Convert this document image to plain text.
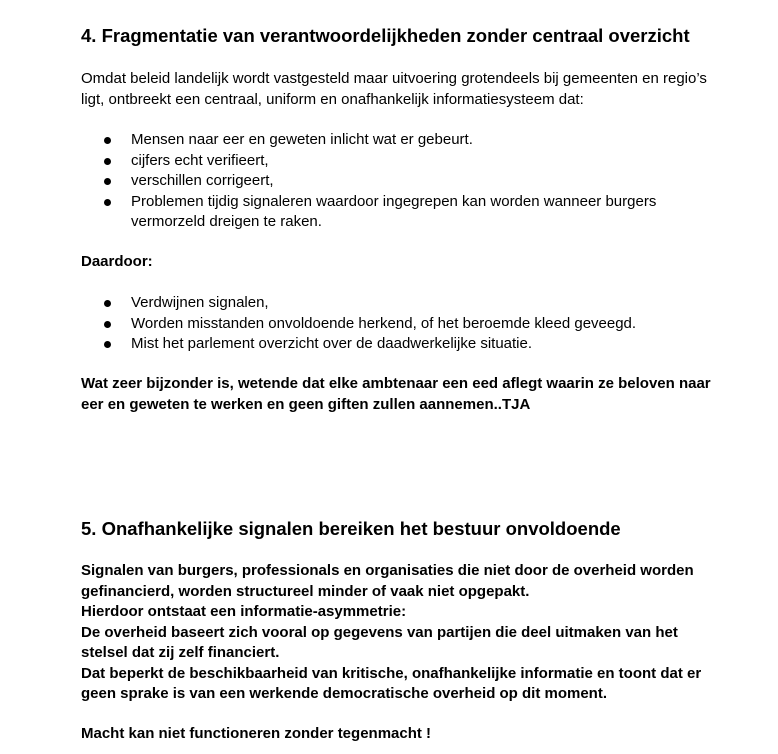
4. Fragmentatie van verantwoordelijkheden zonder centraal overzicht
Omdat beleid landelijk wordt vastgesteld maar uitvoering grotendeels bij gemeenten en regio’s
ligt, ontbreekt een centraal, uniform en onafhankelijk informatiesysteem dat:
Mensen naar eer en geweten inlicht wat er gebeurt.
cijfers echt verifieert,
verschillen corrigeert,
Problemen tijdig signaleren waardoor ingegrepen kan worden wanneer burgers
vermorzeld dreigen te raken.
Daardoor:
Verdwijnen signalen,
Worden misstanden onvoldoende herkend, of het beroemde kleed geveegd.
Mist het parlement overzicht over de daadwerkelijke situatie.
Wat zeer bijzonder is, wetende dat elke ambtenaar een eed aflegt waarin ze beloven naar
eer en geweten te werken en geen giften zullen aannemen..TJA
5. Onafhankelijke signalen bereiken het bestuur onvoldoende
Signalen van burgers, professionals en organisaties die niet door de overheid worden
gefinancierd, worden structureel minder of vaak niet opgepakt.
Hierdoor ontstaat een informatie-asymmetrie:
De overheid baseert zich vooral op gegevens van partijen die deel uitmaken van het
stelsel dat zij zelf financiert.
Dat beperkt de beschikbaarheid van kritische, onafhankelijke informatie en toont dat er
geen sprake is van een werkende democratische overheid op dit moment.
Macht kan niet functioneren zonder tegenmacht !
